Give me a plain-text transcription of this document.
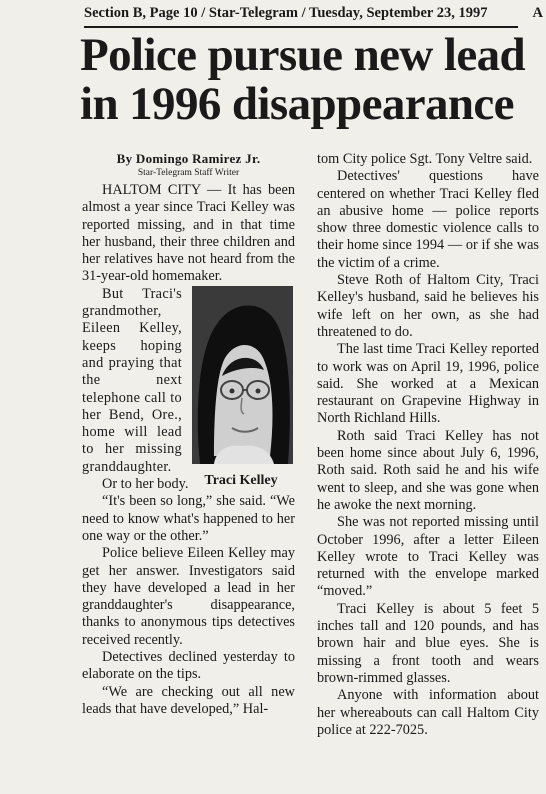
Section B, Page 10 / Star-Telegram / Tuesday, September 23, 1997	A
Police pursue new lead
in 1996 disappearance
By Domingo Ramirez Jr.
Star-Telegram Staff Writer

HALTOM CITY — It has been almost a year since Traci Kelley was reported missing, and in that time her husband, their three children and her relatives have not heard from the 31-year-old homemaker.

But Traci's grandmother, Eileen Kelley, keeps hoping and praying that the next telephone call to her Bend, Ore., home will lead to her missing granddaughter.

Traci Kelley

Or to her body.

“It's been so long,” she said. “We need to know what's happened to her one way or the other.”

Police believe Eileen Kelley may get her answer. Investigators said they have developed a lead in her granddaughter's disappearance, thanks to anonymous tips detectives received recently.

Detectives declined yesterday to elaborate on the tips.

“We are checking out all new leads that have developed,” Hal-

tom City police Sgt. Tony Veltre said.

Detectives' questions have centered on whether Traci Kelley fled an abusive home — police reports show three domestic violence calls to their home since 1994 — or if she was the victim of a crime.

Steve Roth of Haltom City, Traci Kelley's husband, said he believes his wife left on her own, as she had threatened to do.

The last time Traci Kelley reported to work was on April 19, 1996, police said. She worked at a Mexican restaurant on Grapevine Highway in North Richland Hills.

Roth said Traci Kelley has not been home since about July 6, 1996, Roth said. Roth said he and his wife went to sleep, and she was gone when he awoke the next morning.

She was not reported missing until October 1996, after a letter Eileen Kelley wrote to Traci Kelley was returned with the envelope marked “moved.”

Traci Kelley is about 5 feet 5 inches tall and 120 pounds, and has brown hair and blue eyes. She is missing a front tooth and wears brown-rimmed glasses.

Anyone with information about her whereabouts can call Haltom City police at 222-7025.
